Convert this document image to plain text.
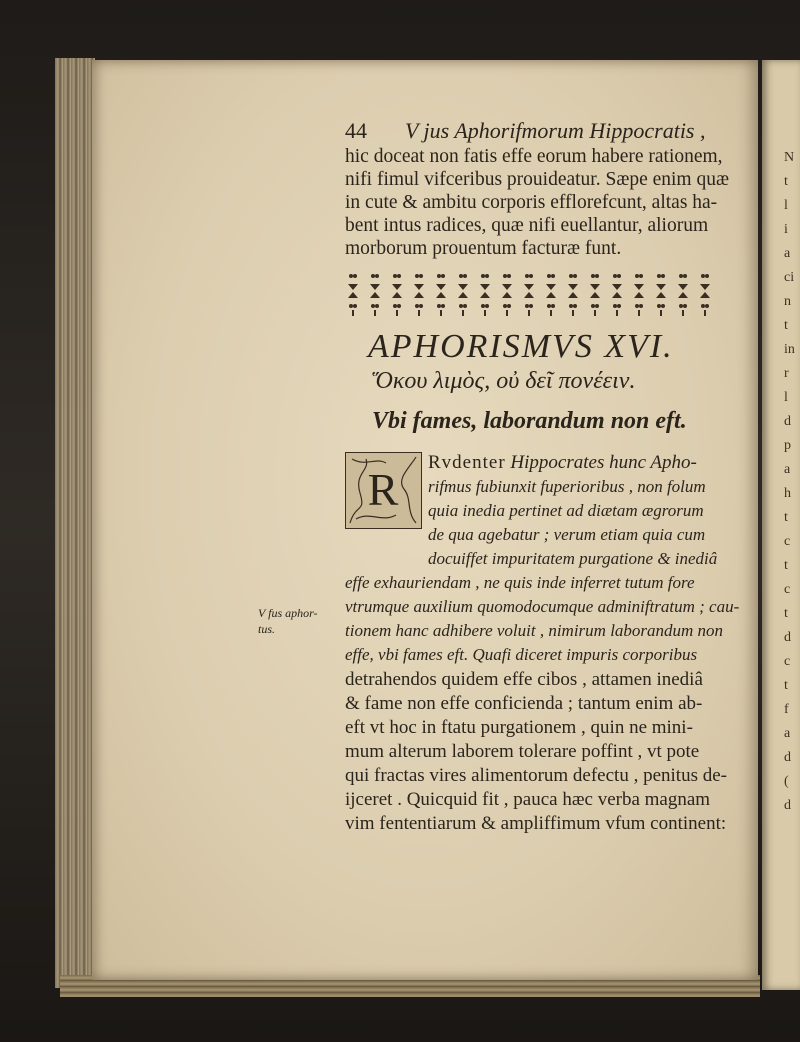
N
t
l
i
a
ci
n
t
in
r
l
d
p
a
h
t
c
t
c
t
d
c
t
f
a
d
(
d
44 V jus Aphorifmorum Hippocratis ,
hic doceat non fatis effe eorum habere rationem,
nifi fimul vifceribus prouideatur. Sæpe enim quæ
in cute & ambitu corporis efflorefcunt, altas ha-
bent intus radices, quæ nifi euellantur, aliorum
morborum prouentum facturæ funt.
APHORISMVS XVI.
Ὅκου λιμὸς, οὐ δεῖ πονέειν.
Vbi fames, laborandum non eft.
R
Rvdenter Hippocrates hunc Apho-
rifmus fubiunxit fuperioribus , non folum
quia inedia pertinet ad diætam ægrorum
de qua agebatur ; verum etiam quia cum
docuiffet impuritatem purgatione & inediâ
effe exhauriendam , ne quis inde inferret tutum fore
vtrumque auxilium quomodocumque adminiftratum ; cau-
tionem hanc adhibere voluit , nimirum laborandum non
effe, vbi fames eft. Quafi diceret impuris corporibus
detrahendos quidem effe cibos , attamen inediâ
& fame non effe conficienda ; tantum enim ab-
eft vt hoc in ftatu purgationem , quin ne mini-
mum alterum laborem tolerare poffint , vt pote
qui fractas vires alimentorum defectu , penitus de-
ijceret . Quicquid fit , pauca hæc verba magnam
vim fententiarum & ampliffimum vfum continent:
V fus aphor- tus.
